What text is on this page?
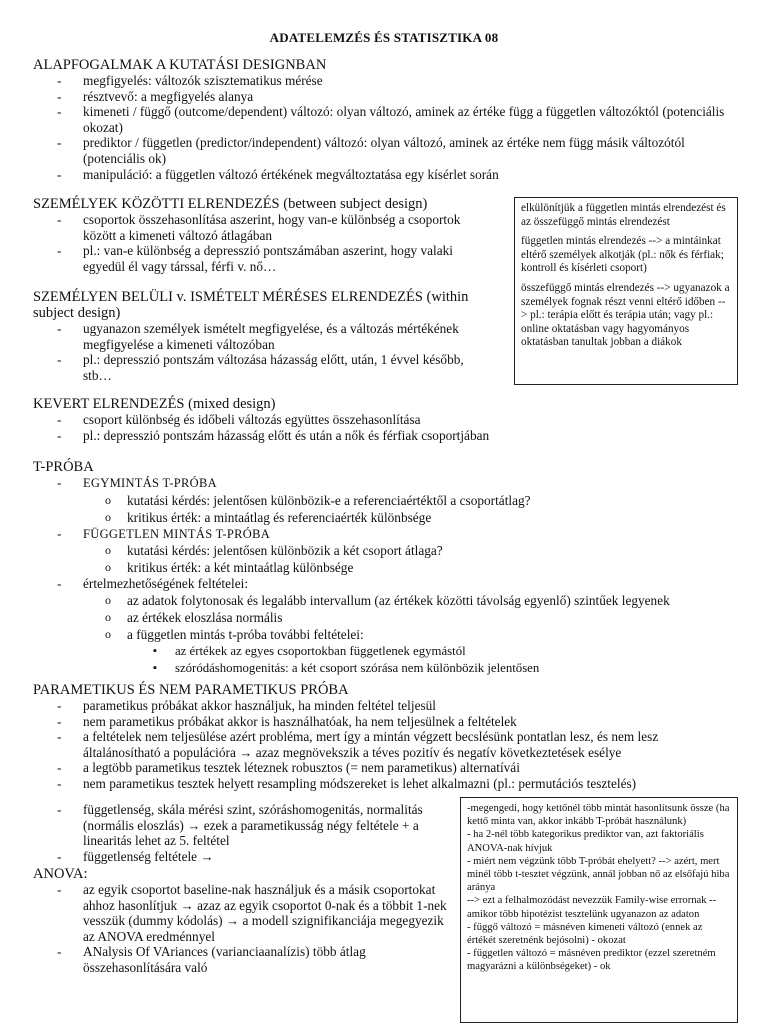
ADATELEMZÉS ÉS STATISZTIKA 08
ALAPFOGALMAK A KUTATÁSI DESIGNBAN
- megfigyelés: változók szisztematikus mérése
- résztvevő: a megfigyelés alanya
- kimeneti / függő (outcome/dependent) változó: olyan változó, aminek az értéke függ a független változóktól (potenciális okozat)
- prediktor / független (predictor/independent) változó: olyan változó, aminek az értéke nem függ másik változótól (potenciális ok)
- manipuláció: a független változó értékének megváltoztatása egy kísérlet során
SZEMÉLYEK KÖZÖTTI ELRENDEZÉS (between subject design)
- csoportok összehasonlítása aszerint, hogy van-e különbség a csoportok között a kimeneti változó átlagában
- pl.: van-e különbség a depresszió pontszámában aszerint, hogy valaki egyedül él vagy társsal, férfi v. nő…
SZEMÉLYEN BELÜLI v. ISMÉTELT MÉRÉSES ELRENDEZÉS (within subject design)
- ugyanazon személyek ismételt megfigyelése, és a változás mértékének megfigyelése a kimeneti változóban
- pl.: depresszió pontszám változása házasság előtt, után, 1 évvel később, stb…
KEVERT ELRENDEZÉS (mixed design)
- csoport különbség és időbeli változás együttes összehasonlítása
- pl.: depresszió pontszám házasság előtt és után a nők és férfiak csoportjában
T-PRÓBA
- EGYMINTÁS T-PRÓBA
o kutatási kérdés: jelentősen különbözik-e a referenciaértéktől a csoportátlag?
o kritikus érték: a mintaátlag és referenciaérték különbsége
- FÜGGETLEN MINTÁS T-PRÓBA
o kutatási kérdés: jelentősen különbözik a két csoport átlaga?
o kritikus érték: a két mintaátlag különbsége
- értelmezhetőségének feltételei:
o az adatok folytonosak és legalább intervallum (az értékek közötti távolság egyenlő) szintűek legyenek
o az értékek eloszlása normális
o a független mintás t-próba további feltételei:
▪ az értékek az egyes csoportokban függetlenek egymástól
▪ szóródáshomogenitás: a két csoport szórása nem különbözik jelentősen
PARAMETIKUS ÉS NEM PARAMETIKUS PRÓBA
- parametikus próbákat akkor használjuk, ha minden feltétel teljesül
- nem parametikus próbákat akkor is használhatóak, ha nem teljesülnek a feltételek
- a feltételek nem teljesülése azért probléma, mert így a mintán végzett becslésünk pontatlan lesz, és nem lesz általánosítható a populációra → azaz megnövekszik a téves pozitív és negatív következtetések esélye
- a legtöbb parametikus tesztek léteznek robusztos (= nem parametikus) alternatívái
- nem parametikus tesztek helyett resampling módszereket is lehet alkalmazni (pl.: permutációs tesztelés)
- függetlenség, skála mérési szint, szóráshomogenitás, normalitás (normális eloszlás) → ezek a parametikusság négy feltétele + a linearitás lehet az 5. feltétel
- függetlenség feltétele →
ANOVA:
- az egyik csoportot baseline-nak használjuk és a másik csoportokat ahhoz hasonlítjuk → azaz az egyik csoportot 0-nak és a többit 1-nek vesszük (dummy kódolás) → a modell szignifikanciája megegyezik az ANOVA eredménnyel
- ANalysis Of VAriances (varianciaanalízis) több átlag összehasonlítására való

elkülönítjük a független mintás elrendezést és az összefüggő mintás elrendezést

független mintás elrendezés --> a mintáinkat eltérő személyek alkotják (pl.: nők és férfiak; kontroll és kísérleti csoport)

összefüggő mintás elrendezés --> ugyanazok a személyek fognak részt venni eltérő időben --> pl.: terápia előtt és terápia után; vagy pl.: online oktatásban vagy hagyományos oktatásban tanultak jobban a diákok

-megengedi, hogy kettőnél több mintát hasonlítsunk össze (ha kettő minta van, akkor inkább T-próbát használunk)
- ha 2-nél több kategorikus prediktor van, azt faktoriális ANOVA-nak hívjuk
- miért nem végzünk több T-próbát ehelyett? --> azért, mert minél több t-tesztet végzünk, annál jobban nő az elsőfajú hiba aránya
--> ezt a felhalmozódást nevezzük Family-wise errornak -- amikor több hipotézist tesztelünk ugyanazon az adaton
- függő változó = másnéven kimeneti változó (ennek az értékét szeretnénk bejósolni) - okozat
- független változó = másnéven prediktor (ezzel szeretném magyarázni a különbségeket) - ok
